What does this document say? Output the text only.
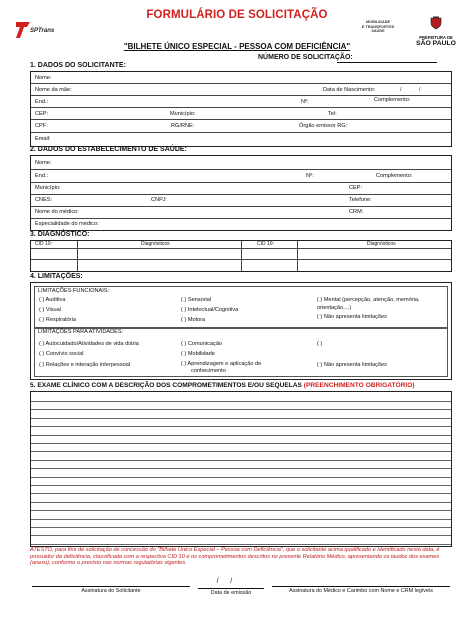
FORMULÁRIO DE SOLICITAÇÃO
SPTrans
MOBILIDADE
E TRANSPORTES
SAÚDE
PREFEITURA DE
SÃO PAULO
"BILHETE ÚNICO ESPECIAL - PESSOA COM DEFICIÊNCIA"
NÚMERO DE SOLICITAÇÃO:
1. DADOS DO SOLICITANTE:
Nome:
Nome da mãe:	Data de Nascimento:	/	/
End.:	Nº:	Complemento:
CEP:	Município:	Tel:
CPF:	RG/RNE:	Órgão emissor RG:
Email:
2. DADOS DO ESTABELECIMENTO DE SAÚDE:
Nome:
End.:	Nº:	Complemento:
Município:	CEP:
CNES:	CNPJ:	Telefone:
Nome do médico:	CRM:
Especialidade do médico:
3. DIAGNÓSTICO:
CID 10:	Diagnósticos	CID 10:	Diagnósticos
4. LIMITAÇÕES:
LIMITAÇÕES FUNCIONAIS:
( ) Auditiva	( ) Sensorial	( ) Mental (percepção, atenção, memória,
( ) Visual	( ) Intelectual/Cognitiva	orientação,...)
( ) Respiratória	( ) Motora	( ) Não apresenta limitações
LIMITAÇÕES PARA ATIVIDADES:
( ) Autocuidado/Atividades de vida diária	( ) Comunicação	( )
( ) Convívio social	( ) Mobilidade
( ) Relações e interação interpessoal	( ) Aprendizagem e aplicação de
conhecimento
( ) Não apresenta limitações
5. EXAME CLÍNICO COM A DESCRIÇÃO DOS COMPROMETIMENTOS E/OU SEQUELAS (PREENCHIMENTO OBRIGATÓRIO)
ATESTO, para fins de solicitação de concessão do "Bilhete Único Especial – Pessoa com Deficiência", que o solicitante acima qualificado e identificado nesta data, é possuidor da deficiência, classificada com a respectiva CID 10 e os comprometimentos descritos no presente Relatório Médico, apresentando os laudos dos exames (anexo), conforme o previsto nas normas regulatórias vigentes.
Assinatura do Solicitante
/      /
Data de emissão	Assinatura do Médico e Carimbo com Nome e CRM legíveis
